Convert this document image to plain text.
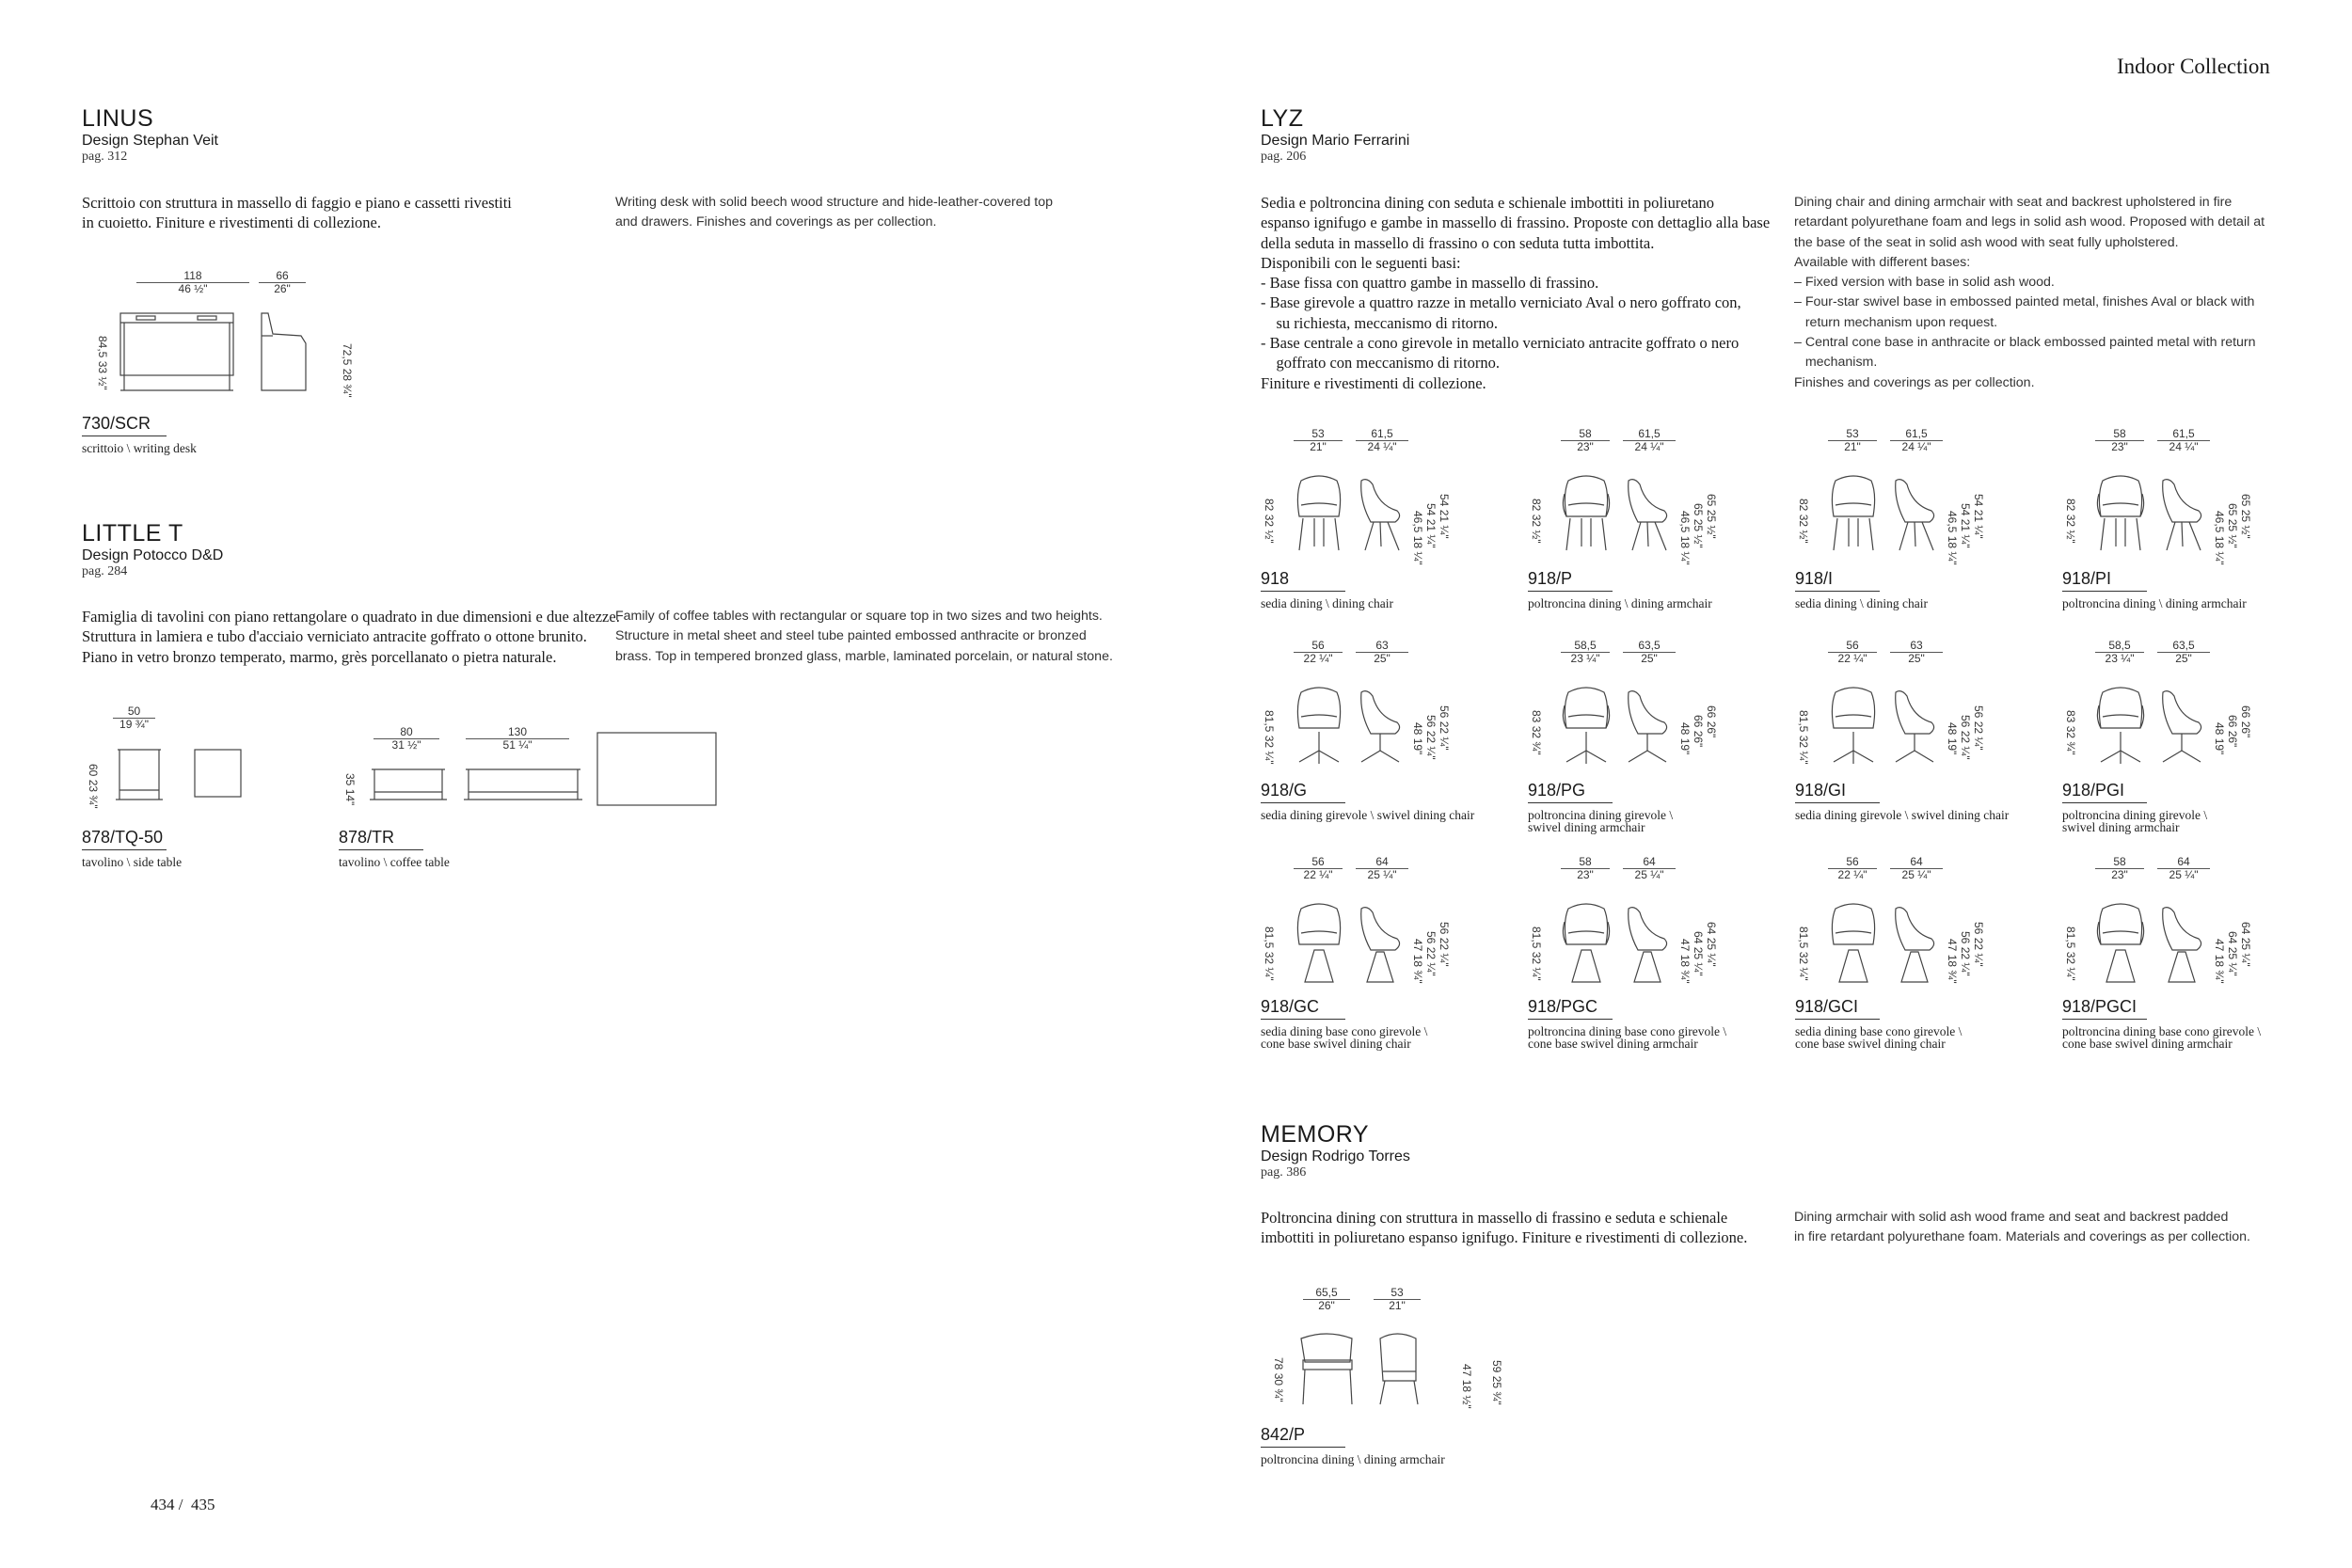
Indoor Collection
LINUS
Design Stephan Veit
pag. 312
Scrittoio con struttura in massello di faggio e piano e cassetti rivestiti
in cuoietto. Finiture e rivestimenti di collezione.
Writing desk with solid beech wood structure and hide-leather-covered top
and drawers. Finishes and coverings as per collection.
118
46 ½"
66
26"
84,5 33 ½"
72,5 28 ¾"
730/SCR
scrittoio \ writing desk
LITTLE T
Design Potocco D&D
pag. 284
Famiglia di tavolini con piano rettangolare o quadrato in due dimensioni e due altezze.
Struttura in lamiera e tubo d'acciaio verniciato antracite goffrato o ottone brunito.
Piano in vetro bronzo temperato, marmo, grès porcellanato o pietra naturale.
Family of coffee tables with rectangular or square top in two sizes and two heights.
Structure in metal sheet and steel tube painted embossed anthracite or bronzed
brass. Top in tempered bronzed glass, marble, laminated porcelain, or natural stone.
50
19 ¾"
60 23 ¾"
878/TQ-50
tavolino \ side table
80
31 ½"
130
51 ¼"
35 14"
878/TR
tavolino \ coffee table
LYZ
Design Mario Ferrarini
pag. 206
Sedia e poltroncina dining con seduta e schienale imbottiti in poliuretano
espanso ignifugo e gambe in massello di frassino. Proposte con dettaglio alla base
della seduta in massello di frassino o con seduta tutta imbottita.
Disponibili con le seguenti basi:
- Base fissa con quattro gambe in massello di frassino.
- Base girevole a quattro razze in metallo verniciato Aval o nero goffrato con,
su richiesta, meccanismo di ritorno.
- Base centrale a cono girevole in metallo verniciato antracite goffrato o nero
goffrato con meccanismo di ritorno.
Finiture e rivestimenti di collezione.
Dining chair and dining armchair with seat and backrest upholstered in fire
retardant polyurethane foam and legs in solid ash wood. Proposed with detail at
the base of the seat in solid ash wood with seat fully upholstered.
Available with different bases:
– Fixed version with base in solid ash wood.
– Four-star swivel base in embossed painted metal, finishes Aval or black with
return mechanism upon request.
– Central cone base in anthracite or black embossed painted metal with return
mechanism.
Finishes and coverings as per collection.
53
21"
61,5
24 ¼"
82 32 ½"	46,5 18 ¼"
54 21 ¼"
54 21 ¼"
918
sedia dining \ dining chair
58
23"
61,5
24 ¼"
82 32 ½"	46,5 18 ¼"
65 25 ½"
65 25 ½"
918/P
poltroncina dining \ dining armchair
53
21"
61,5
24 ¼"
82 32 ½"	46,5 18 ¼"
54 21 ¼"
54 21 ¼"
918/I
sedia dining \ dining chair
58
23"
61,5
24 ¼"
82 32 ½"	46,5 18 ¼"
65 25 ½"
65 25 ½"
918/PI
poltroncina dining \ dining armchair
56
22 ¼"
63
25"
81,5 32 ¼"
48 19"
56 22 ¼"
56 22 ¼"
918/G
sedia dining girevole \ swivel dining chair
58,5
23 ¼"
63,5
25"
83 32 ¾"	48 19"
66 26"
66 26"
918/PG
poltroncina dining girevole \
swivel dining armchair
56
22 ¼"
63
25"
81,5 32 ¼"
48 19"
56 22 ¼"
56 22 ¼"
918/GI
sedia dining girevole \ swivel dining chair
58,5
23 ¼"
63,5
25"
83 32 ¾"	48 19"
66 26"
66 26"
918/PGI
poltroncina dining girevole \
swivel dining armchair
56
22 ¼"
64
25 ¼"
81,5 32 ¼"
47 18 ¾"
56 22 ¼"
56 22 ¼"
918/GC
sedia dining base cono girevole \
cone base swivel dining chair
58
23"
64
25 ¼"
81,5 32 ¼"
47 18 ¾"
64 25 ¼"
64 25 ¼"
918/PGC
poltroncina dining base cono girevole \
cone base swivel dining armchair
56
22 ¼"
64
25 ¼"
81,5 32 ¼"
47 18 ¾"
56 22 ¼"
56 22 ¼"
918/GCI
sedia dining base cono girevole \
cone base swivel dining chair
58
23"
64
25 ¼"
81,5 32 ¼"
47 18 ¾"
64 25 ¼"
64 25 ¼"
918/PGCI
poltroncina dining base cono girevole \
cone base swivel dining armchair
MEMORY
Design Rodrigo Torres
pag. 386
Poltroncina dining con struttura in massello di frassino e seduta e schienale
imbottiti in poliuretano espanso ignifugo. Finiture e rivestimenti di collezione.
Dining armchair with solid ash wood frame and seat and backrest padded
in fire retardant polyurethane foam. Materials and coverings as per collection.
65,5
26"
53
21"
78 30 ¾"
47 18 ½"
59 25 ¾"
842/P
poltroncina dining \ dining armchair
434 /  435
